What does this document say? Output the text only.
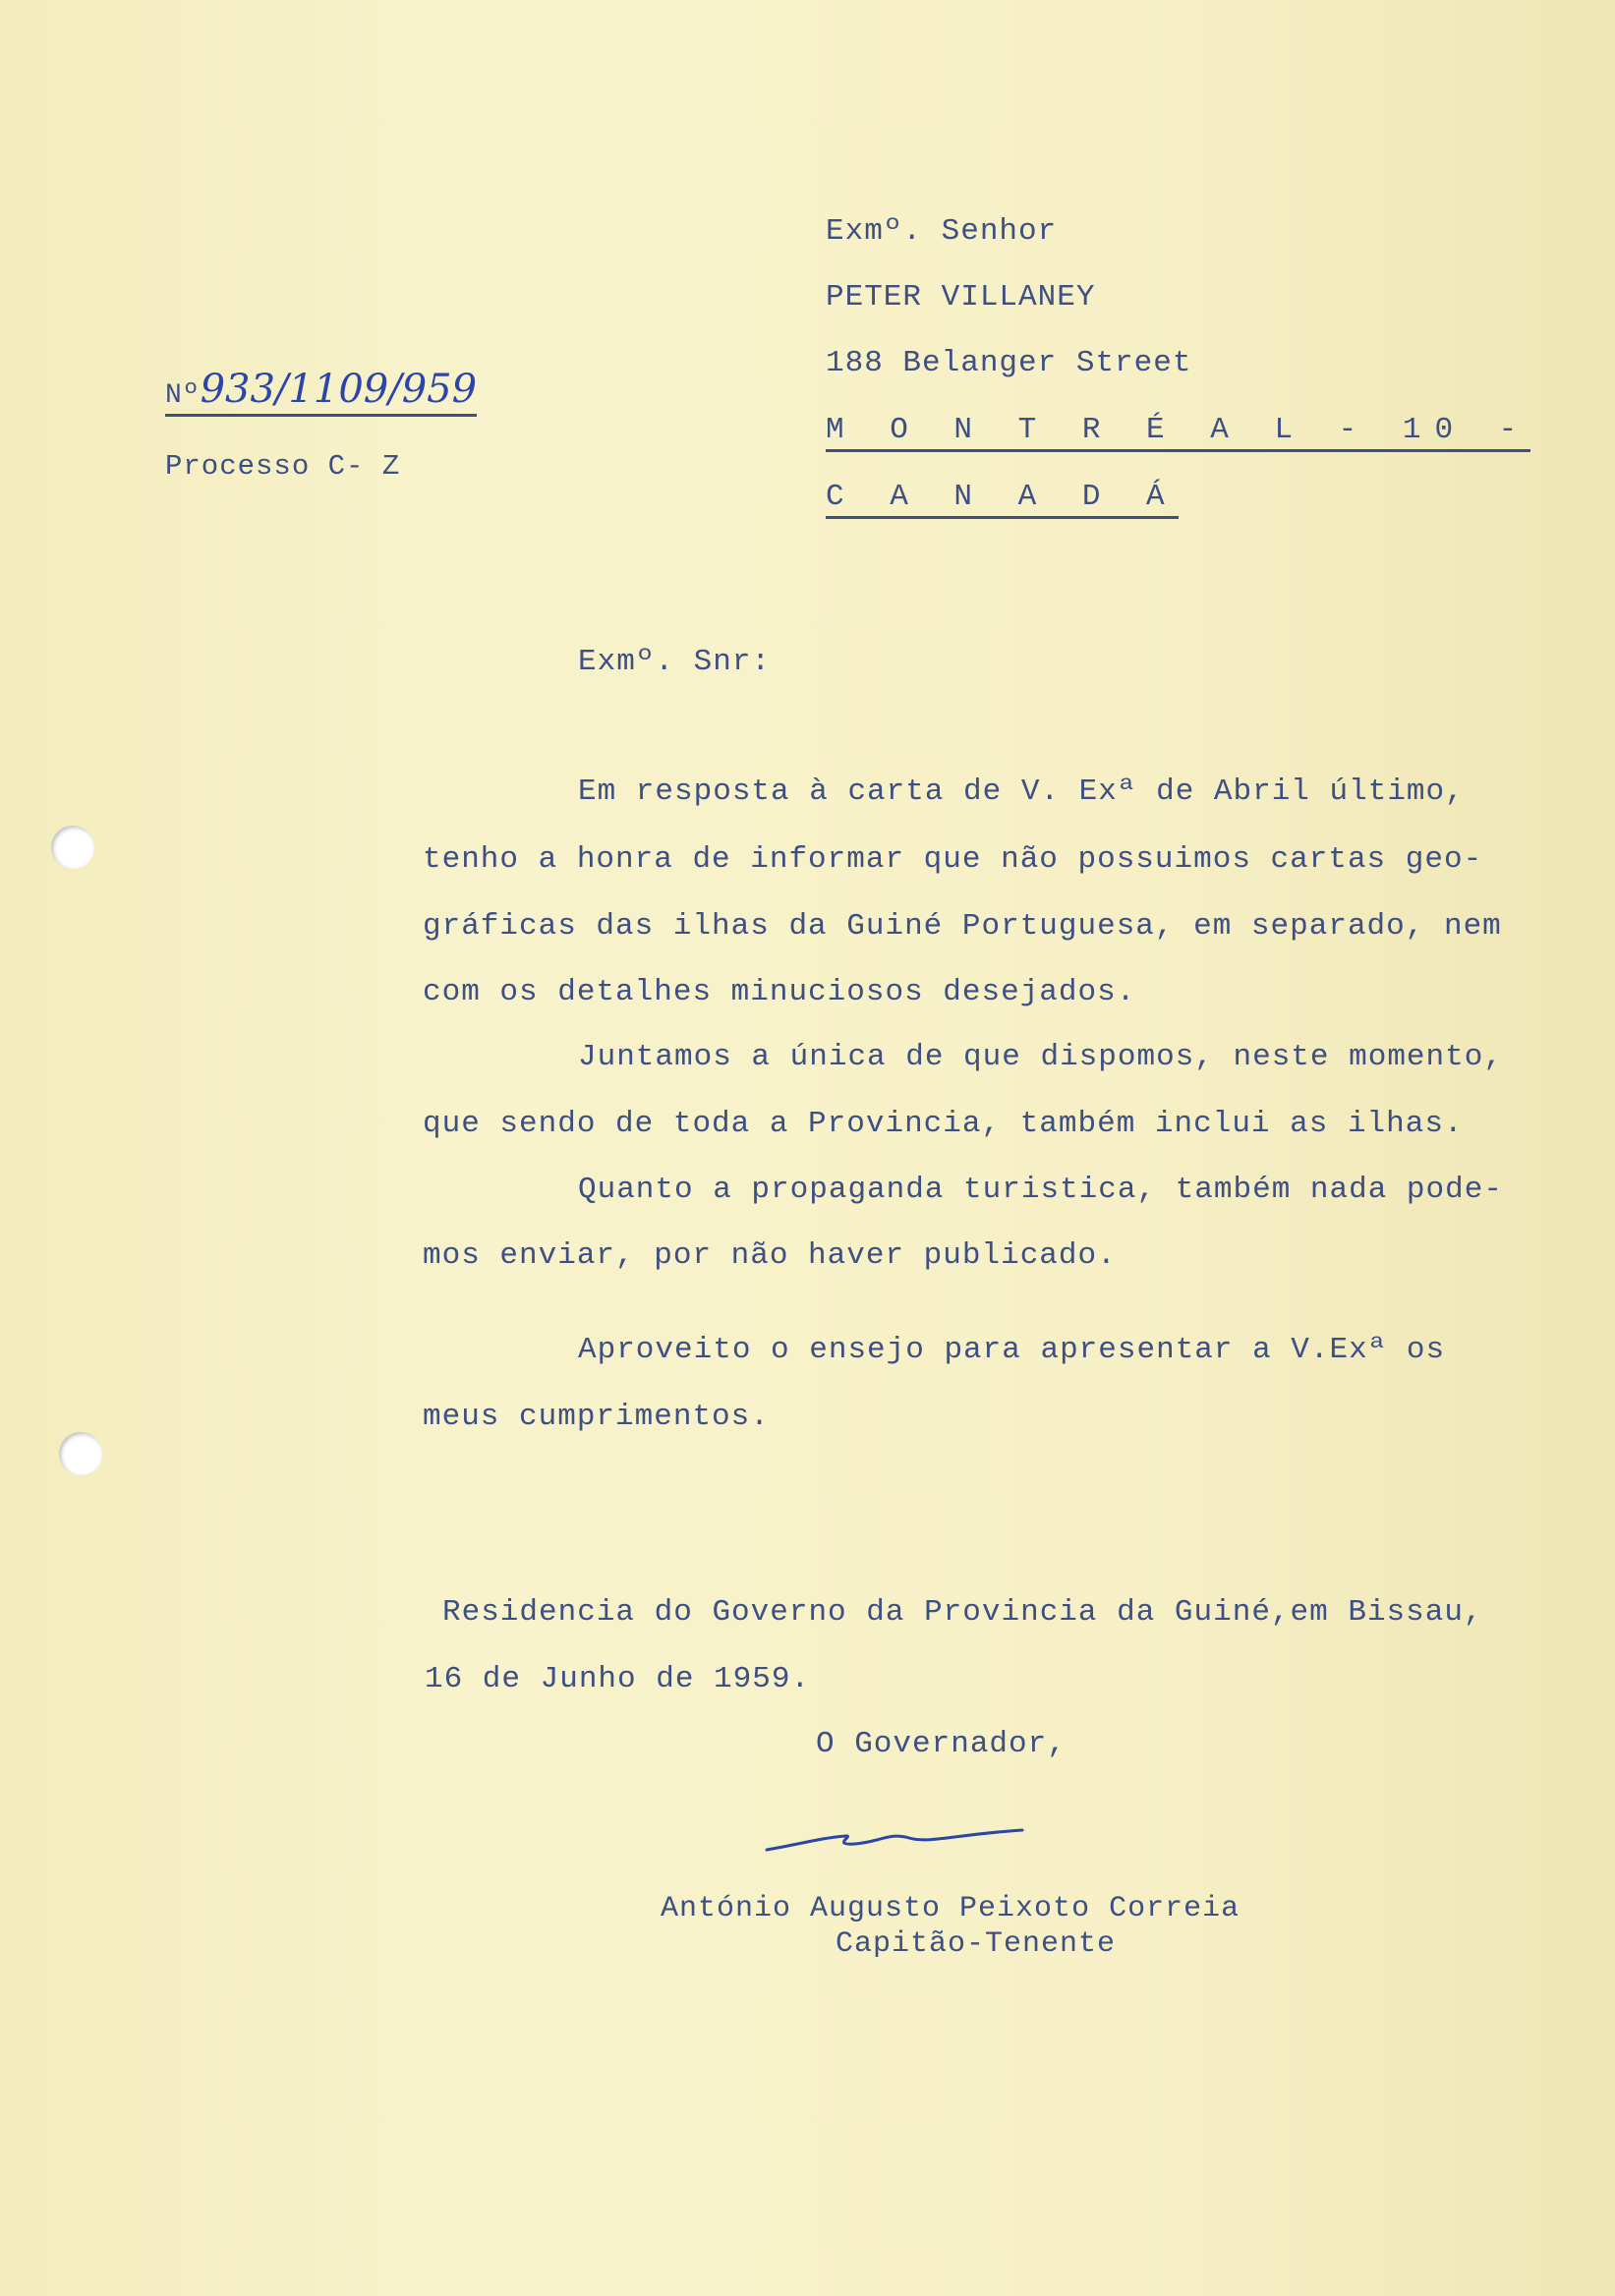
Exmº. Senhor
PETER VILLANEY
188 Belanger Street
M O N T R É A L - 10 -
C A N A D Á
Nº933/1109/959
Processo C- Z
Exmº. Snr:
Em resposta à carta de V. Exª de Abril último,
tenho a honra de informar que não possuimos cartas geo-
gráficas das ilhas da Guiné Portuguesa, em separado, nem
com os detalhes minuciosos desejados.
Juntamos a única de que dispomos, neste momento,
que sendo de toda a Provincia, também inclui as ilhas.
Quanto a propaganda turistica, também nada pode-
mos enviar, por não haver publicado.
Aproveito o ensejo para apresentar a V.Exª os
meus cumprimentos.
Residencia do Governo da Provincia da Guiné,em Bissau,
16 de Junho de 1959.
O Governador,
António Augusto Peixoto Correia
Capitão-Tenente
